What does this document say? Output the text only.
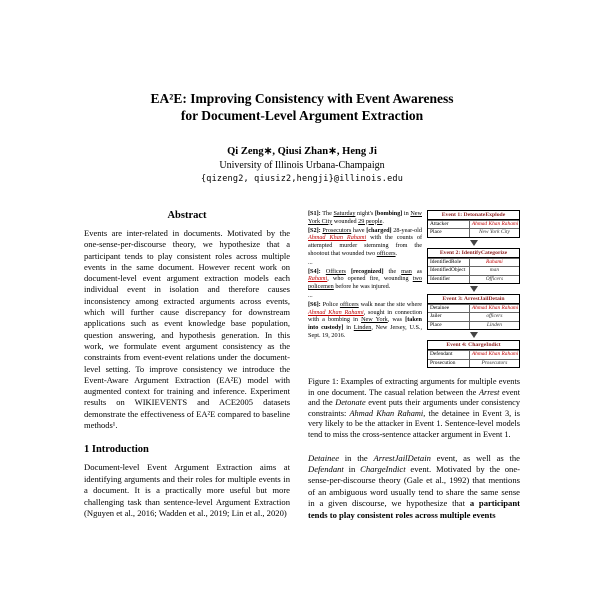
EA²E: Improving Consistency with Event Awareness
for Document-Level Argument Extraction
Qi Zeng∗, Qiusi Zhan∗, Heng Ji
University of Illinois Urbana-Champaign
{qizeng2, qiusiz2,hengji}@illinois.edu
Abstract
Events are inter-related in documents. Motivated by the one-sense-per-discourse theory, we hypothesize that a participant tends to play consistent roles across multiple events in the same document. However recent work on document-level event argument extraction models each individual event in isolation and therefore causes inconsistency among extracted arguments across events, which will further cause discrepancy for downstream applications such as event knowledge base population, question answering, and hypothesis generation. In this work, we formulate event argument consistency as the constraints from event-event relations under the document-level setting. To improve consistency we introduce the Event-Aware Argument Extraction (EA²E) model with augmented context for training and inference. Experiment results on WIKIEVENTS and ACE2005 datasets demonstrate the effectiveness of EA²E compared to baseline methods¹.
1 Introduction
Document-level Event Argument Extraction aims at identifying arguments and their roles for multiple events in a document. It is a practically more useful but more challenging task than sentence-level Argument Extraction (Nguyen et al., 2016; Wadden et al., 2019; Lin et al., 2020)
[S1]: The Saturday night's [bombing] in New York City wounded 29 people.
[S2]: Prosecutors have [charged] 28-year-old Ahmad Khan Rahami with the counts of attempted murder stemming from the shootout that wounded two officers.
...
[S4]: Officers [recognized] the man as Rahami, who opened fire, wounding two policemen before he was injured.
...
[S6]: Police officers walk near the site where Ahmad Khan Rahami, sought in connection with a bombing in New York, was [taken into custody] in Linden, New Jersey, U.S., Sept. 19, 2016.
Event 1: DetonateExplode
Attacker	Ahmad Khan Rahami
Place	New York City
Event 2: IdentifyCategorize
IdentifiedRole	Rahami
IdentifiedObject	man
Identifier	Officers
Event 3: ArrestJailDetain
Detainee	Ahmad Khan Rahami
Jailer	officers
Place	Linden
Event 4: ChargeIndict
Defendant	Ahmad Khan Rahami
Prosecution	Prosecutors
Figure 1: Examples of extracting arguments for multiple events in one document. The casual relation between the Arrest event and the Detonate event puts their arguments under consistency constraints: Ahmad Khan Rahami, the detainee in Event 3, is very likely to be the attacker in Event 1. Sentence-level models tend to miss the cross-sentence attacker argument in Event 1.
Detainee in the ArrestJailDetain event, as well as the Defendant in ChargeIndict event. Motivated by the one-sense-per-discourse theory (Gale et al., 1992) that mentions of an ambiguous word usually tend to share the same sense in a given discourse, we hypothesize that a participant tends to play consistent roles across multiple events
